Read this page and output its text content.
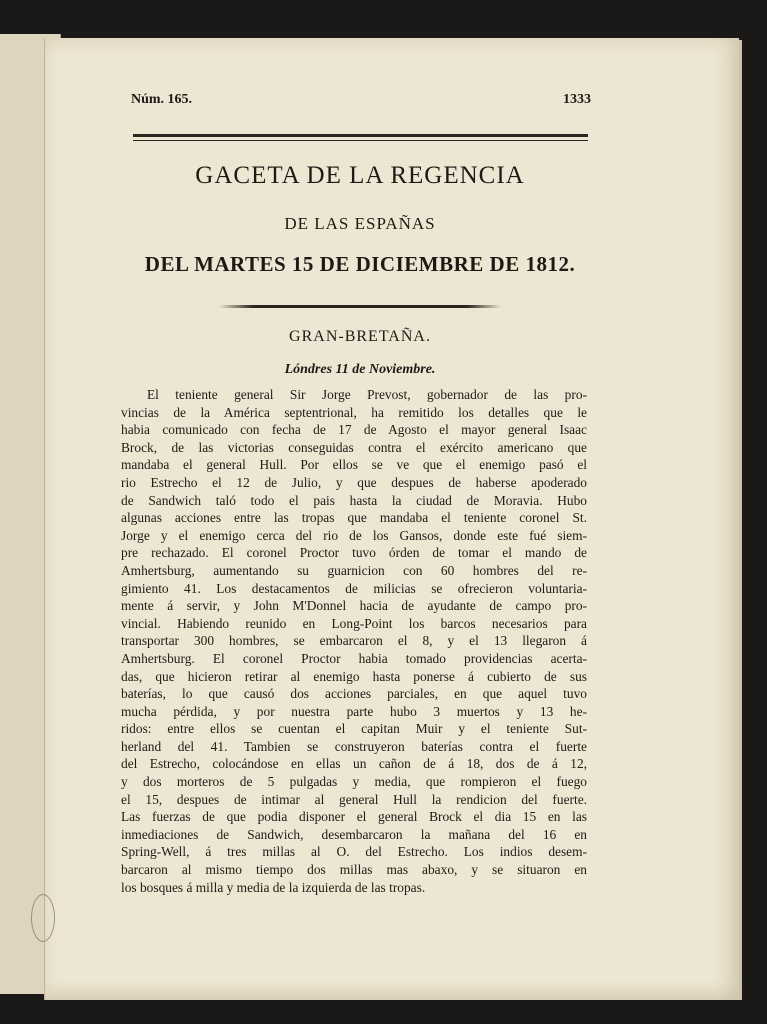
Núm. 165.	1333
GACETA DE LA REGENCIA
DE LAS ESPAÑAS
DEL MARTES 15 DE DICIEMBRE DE 1812.
GRAN-BRETAÑA.
Lóndres 11 de Noviembre.
El teniente general Sir Jorge Prevost, gobernador de las pro-
vincias de la América septentrional, ha remitido los detalles que le
habia comunicado con fecha de 17 de Agosto el mayor general Isaac
Brock, de las victorias conseguidas contra el exército americano que
mandaba el general Hull. Por ellos se ve que el enemigo pasó el
rio Estrecho el 12 de Julio, y que despues de haberse apoderado
de Sandwich taló todo el pais hasta la ciudad de Moravia. Hubo
algunas acciones entre las tropas que mandaba el teniente coronel St.
Jorge y el enemigo cerca del rio de los Gansos, donde este fué siem-
pre rechazado. El coronel Proctor tuvo órden de tomar el mando de
Amhertsburg, aumentando su guarnicion con 60 hombres del re-
gimiento 41. Los destacamentos de milicias se ofrecieron voluntaria-
mente á servir, y John M'Donnel hacia de ayudante de campo pro-
vincial. Habiendo reunido en Long-Point los barcos necesarios para
transportar 300 hombres, se embarcaron el 8, y el 13 llegaron á
Amhertsburg. El coronel Proctor habia tomado providencias acerta-
das, que hicieron retirar al enemigo hasta ponerse á cubierto de sus
baterías, lo que causó dos acciones parciales, en que aquel tuvo
mucha pérdida, y por nuestra parte hubo 3 muertos y 13 he-
ridos: entre ellos se cuentan el capitan Muir y el teniente Sut-
herland del 41. Tambien se construyeron baterías contra el fuerte
del Estrecho, colocándose en ellas un cañon de á 18, dos de á 12,
y dos morteros de 5 pulgadas y media, que rompieron el fuego
el 15, despues de intimar al general Hull la rendicion del fuerte.
Las fuerzas de que podia disponer el general Brock el dia 15 en las
inmediaciones de Sandwich, desembarcaron la mañana del 16 en
Spring-Well, á tres millas al O. del Estrecho. Los indios desem-
barcaron al mismo tiempo dos millas mas abaxo, y se situaron en
los bosques á milla y media de la izquierda de las tropas.
